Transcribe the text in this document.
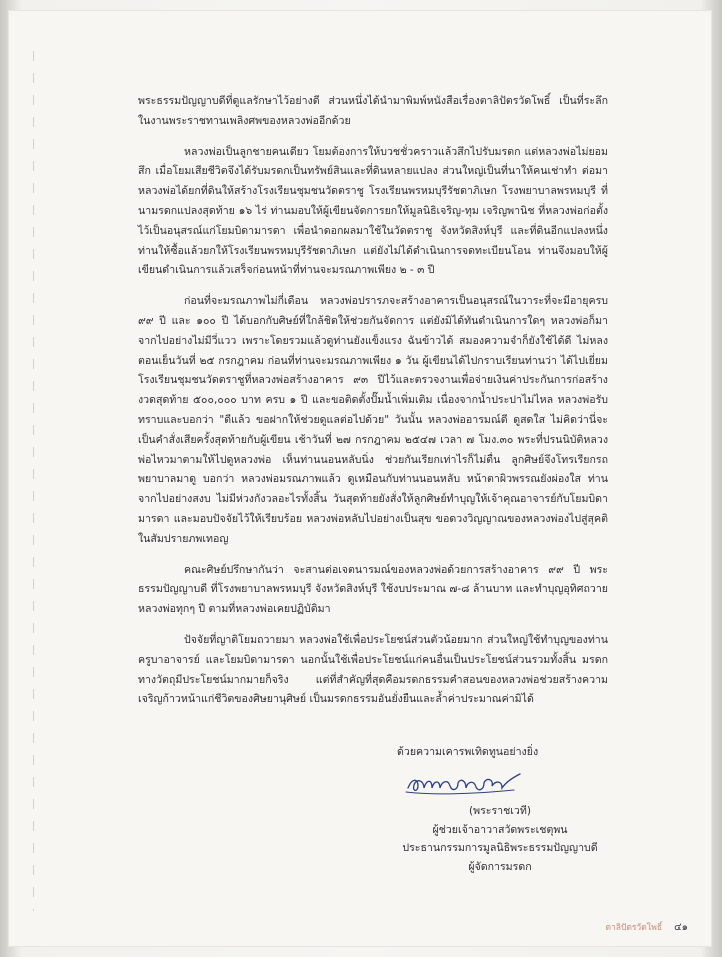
พระธรรมปัญญาบดีที่ดูแลรักษาไว้อย่างดี ส่วนหนึ่งได้นำมาพิมพ์หนังสือเรื่องตาลิปัตรวัดโพธิ์ เป็นที่ระลึกในงานพระราชทานเพลิงศพของหลวงพ่ออีกด้วย

หลวงพ่อเป็นลูกชายคนเดียว โยมต้องการให้บวชชั่วคราวแล้วสึกไปรับมรดก แต่หลวงพ่อไม่ยอมสึก เมื่อโยมเสียชีวิตจึงได้รับมรดกเป็นทรัพย์สินและที่ดินหลายแปลง ส่วนใหญ่เป็นที่นาให้คนเช่าทำ ต่อมาหลวงพ่อได้ยกที่ดินให้สร้างโรงเรียนชุมชนวัดตราชู โรงเรียนพรหมบุรีรัชดาภิเษก โรงพยาบาลพรหมบุรี ที่นามรดกแปลงสุดท้าย ๑๖ ไร่ ท่านมอบให้ผู้เขียนจัดการยกให้มูลนิธิเจริญ-ทุม เจริญพานิช ที่หลวงพ่อก่อตั้งไว้เป็นอนุสรณ์แก่โยมบิดามารดา เพื่อนำดอกผลมาใช้ในวัดตราชู จังหวัดสิงห์บุรี และที่ดินอีกแปลงหนึ่งท่านให้ซื้อแล้วยกให้โรงเรียนพรหมบุรีรัชดาภิเษก แต่ยังไม่ได้ดำเนินการจดทะเบียนโอน ท่านจึงมอบให้ผู้เขียนดำเนินการแล้วเสร็จก่อนหน้าที่ท่านจะมรณภาพเพียง ๒ - ๓ ปี

ก่อนที่จะมรณภาพไม่กี่เดือน หลวงพ่อปรารภจะสร้างอาคารเป็นอนุสรณ์ในวาระที่จะมีอายุครบ ๙๙ ปี และ ๑๐๐ ปี ได้บอกกับศิษย์ที่ใกล้ชิดให้ช่วยกันจัดการ แต่ยังมิได้ทันดำเนินการใดๆ หลวงพ่อก็มาจากไปอย่างไม่มีวี่แวว เพราะโดยรวมแล้วดูท่านยังแข็งแรง ฉันข้าวได้ สมองความจำก็ยังใช้ได้ดี ไม่หลง ตอนเย็นวันที่ ๒๕ กรกฎาคม ก่อนที่ท่านจะมรณภาพเพียง ๑ วัน ผู้เขียนได้ไปกราบเรียนท่านว่า ได้ไปเยี่ยมโรงเรียนชุมชนวัดตราชูที่หลวงพ่อสร้างอาคาร ๙๓ ปีไว้และตรวจงานเพื่อจ่ายเงินค่าประกันการก่อสร้างงวดสุดท้าย ๕๐๐,๐๐๐ บาท ครบ ๑ ปี และขอติดตั้งปั๊มน้ำเพิ่มเติม เนื่องจากน้ำประปาไม่ไหล หลวงพ่อรับทราบและบอกว่า "ดีแล้ว ขอฝากให้ช่วยดูแลต่อไปด้วย" วันนั้น หลวงพ่ออารมณ์ดี ดูสดใส ไม่คิดว่านี่จะเป็นคำสั่งเสียครั้งสุดท้ายกับผู้เขียน เช้าวันที่ ๒๗ กรกฎาคม ๒๕๔๗ เวลา ๗ โมง.๓๐ พระที่ปรนนิบัติหลวงพ่อไหวมาตามให้ไปดูหลวงพ่อ เห็นท่านนอนหลับนิ่ง ช่วยกันเรียกเท่าไรก็ไม่ตื่น ลูกศิษย์จึงโทรเรียกรถพยาบาลมาดู บอกว่า หลวงพ่อมรณภาพแล้ว ดูเหมือนกับท่านนอนหลับ หน้าตาผิวพรรณยังผ่องใส ท่านจากไปอย่างสงบ ไม่มีห่วงกังวลอะไรทั้งสิ้น วันสุดท้ายยังสั่งให้ลูกศิษย์ทำบุญให้เจ้าคุณอาจารย์กับโยมบิดามารดา และมอบปัจจัยไว้ให้เรียบร้อย หลวงพ่อหลับไปอย่างเป็นสุข ขอดวงวิญญาณของหลวงพ่องไปสู่สุคติในสัมปรายภพเทอญ

คณะศิษย์ปรึกษากันว่า จะสานต่อเจตนารมณ์ของหลวงพ่อด้วยการสร้างอาคาร ๙๙ ปี พระธรรมปัญญาบดี ที่โรงพยาบาลพรหมบุรี จังหวัดสิงห์บุรี ใช้งบประมาณ ๗-๘ ล้านบาท และทำบุญอุทิศถวายหลวงพ่อทุกๆ ปี ตามที่หลวงพ่อเคยปฏิบัติมา

ปัจจัยที่ญาติโยมถวายมา หลวงพ่อใช้เพื่อประโยชน์ส่วนตัวน้อยมาก ส่วนใหญ่ใช้ทำบุญของท่าน ครูบาอาจารย์ และโยมบิดามารดา นอกนั้นใช้เพื่อประโยชน์แก่คนอื่นเป็นประโยชน์ส่วนรวมทั้งสิ้น มรดกทางวัตถุมีประโยชน์มากมายก็จริง แต่ที่สำคัญที่สุดคือมรดกธรรมคำสอนของหลวงพ่อช่วยสร้างความเจริญก้าวหน้าแก่ชีวิตของศิษยานุศิษย์ เป็นมรดกธรรมอันยั่งยืนและล้ำค่าประมาณค่ามิได้

ด้วยความเคารพเทิดทูนอย่างยิ่ง
(พระราชเวที)
ผู้ช่วยเจ้าอาวาสวัดพระเชตุพน
ประธานกรรมการมูลนิธิพระธรรมปัญญาบดี
ผู้จัดการมรดก
ตาลิปัตรวัดโพธิ์ ๔๑
